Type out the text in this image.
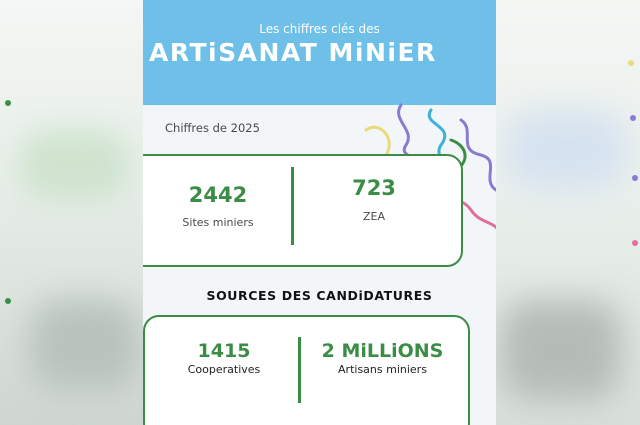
Les chiffres clés des
ARTiSANAT MiNiER
Chiffres de 2025
2442
Sites miniers
723
ZEA
SOURCES DES CANDiDATURES
1415
Cooperatives
2 MiLLiONS
Artisans miniers
